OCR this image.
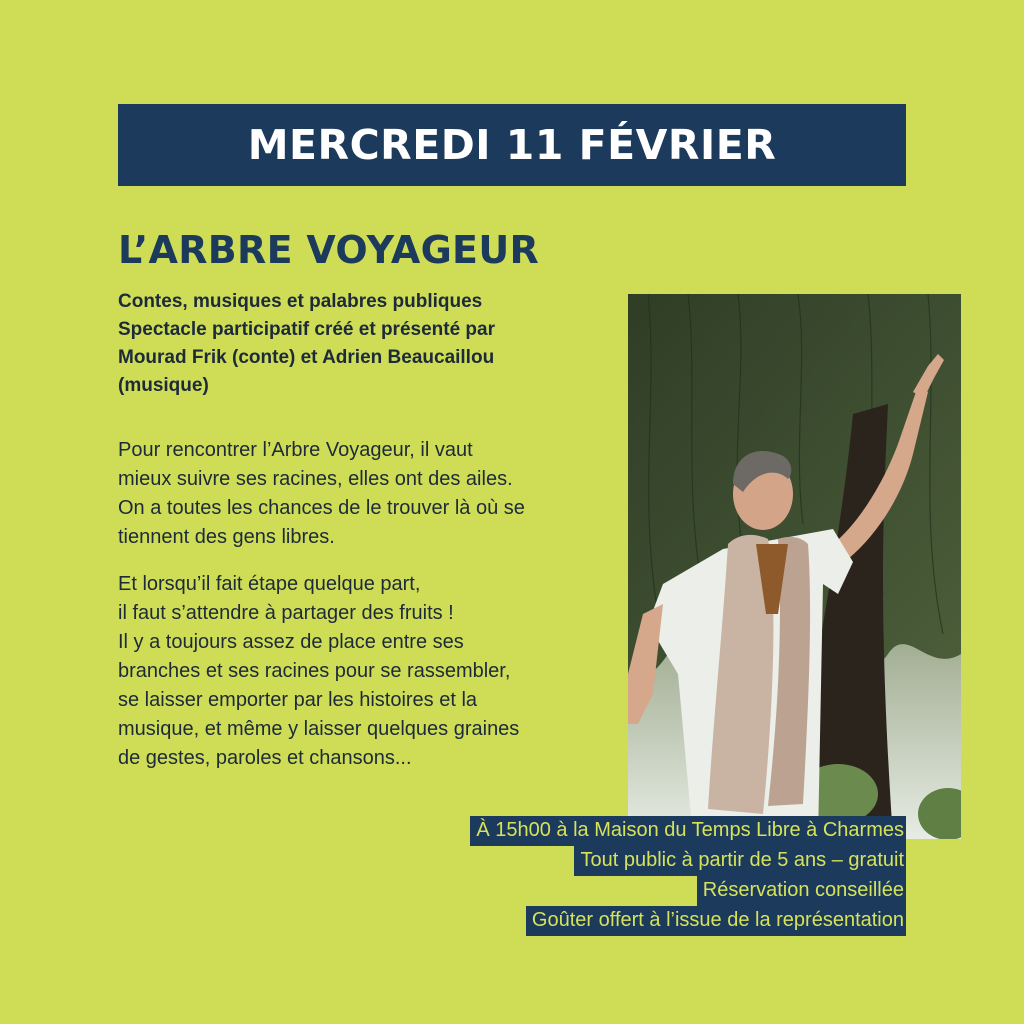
MERCREDI 11 FÉVRIER
L’ARBRE VOYAGEUR
Contes, musiques et palabres publiques
Spectacle participatif créé et présenté par
Mourad Frik (conte) et Adrien Beaucaillou
(musique)
Pour rencontrer l’Arbre Voyageur, il vaut
mieux suivre ses racines, elles ont des ailes.
On a toutes les chances de le trouver là où se
tiennent des gens libres.
Et lorsqu’il fait étape quelque part,
il faut s’attendre à partager des fruits !
Il y a toujours assez de place entre ses
branches et ses racines pour se rassembler,
se laisser emporter par les histoires et la
musique, et même y laisser quelques graines
de gestes, paroles et chansons...
À 15h00 à la Maison du Temps Libre à Charmes
Tout public à partir de 5 ans – gratuit
Réservation conseillée
Goûter offert à l’issue de la représentation
